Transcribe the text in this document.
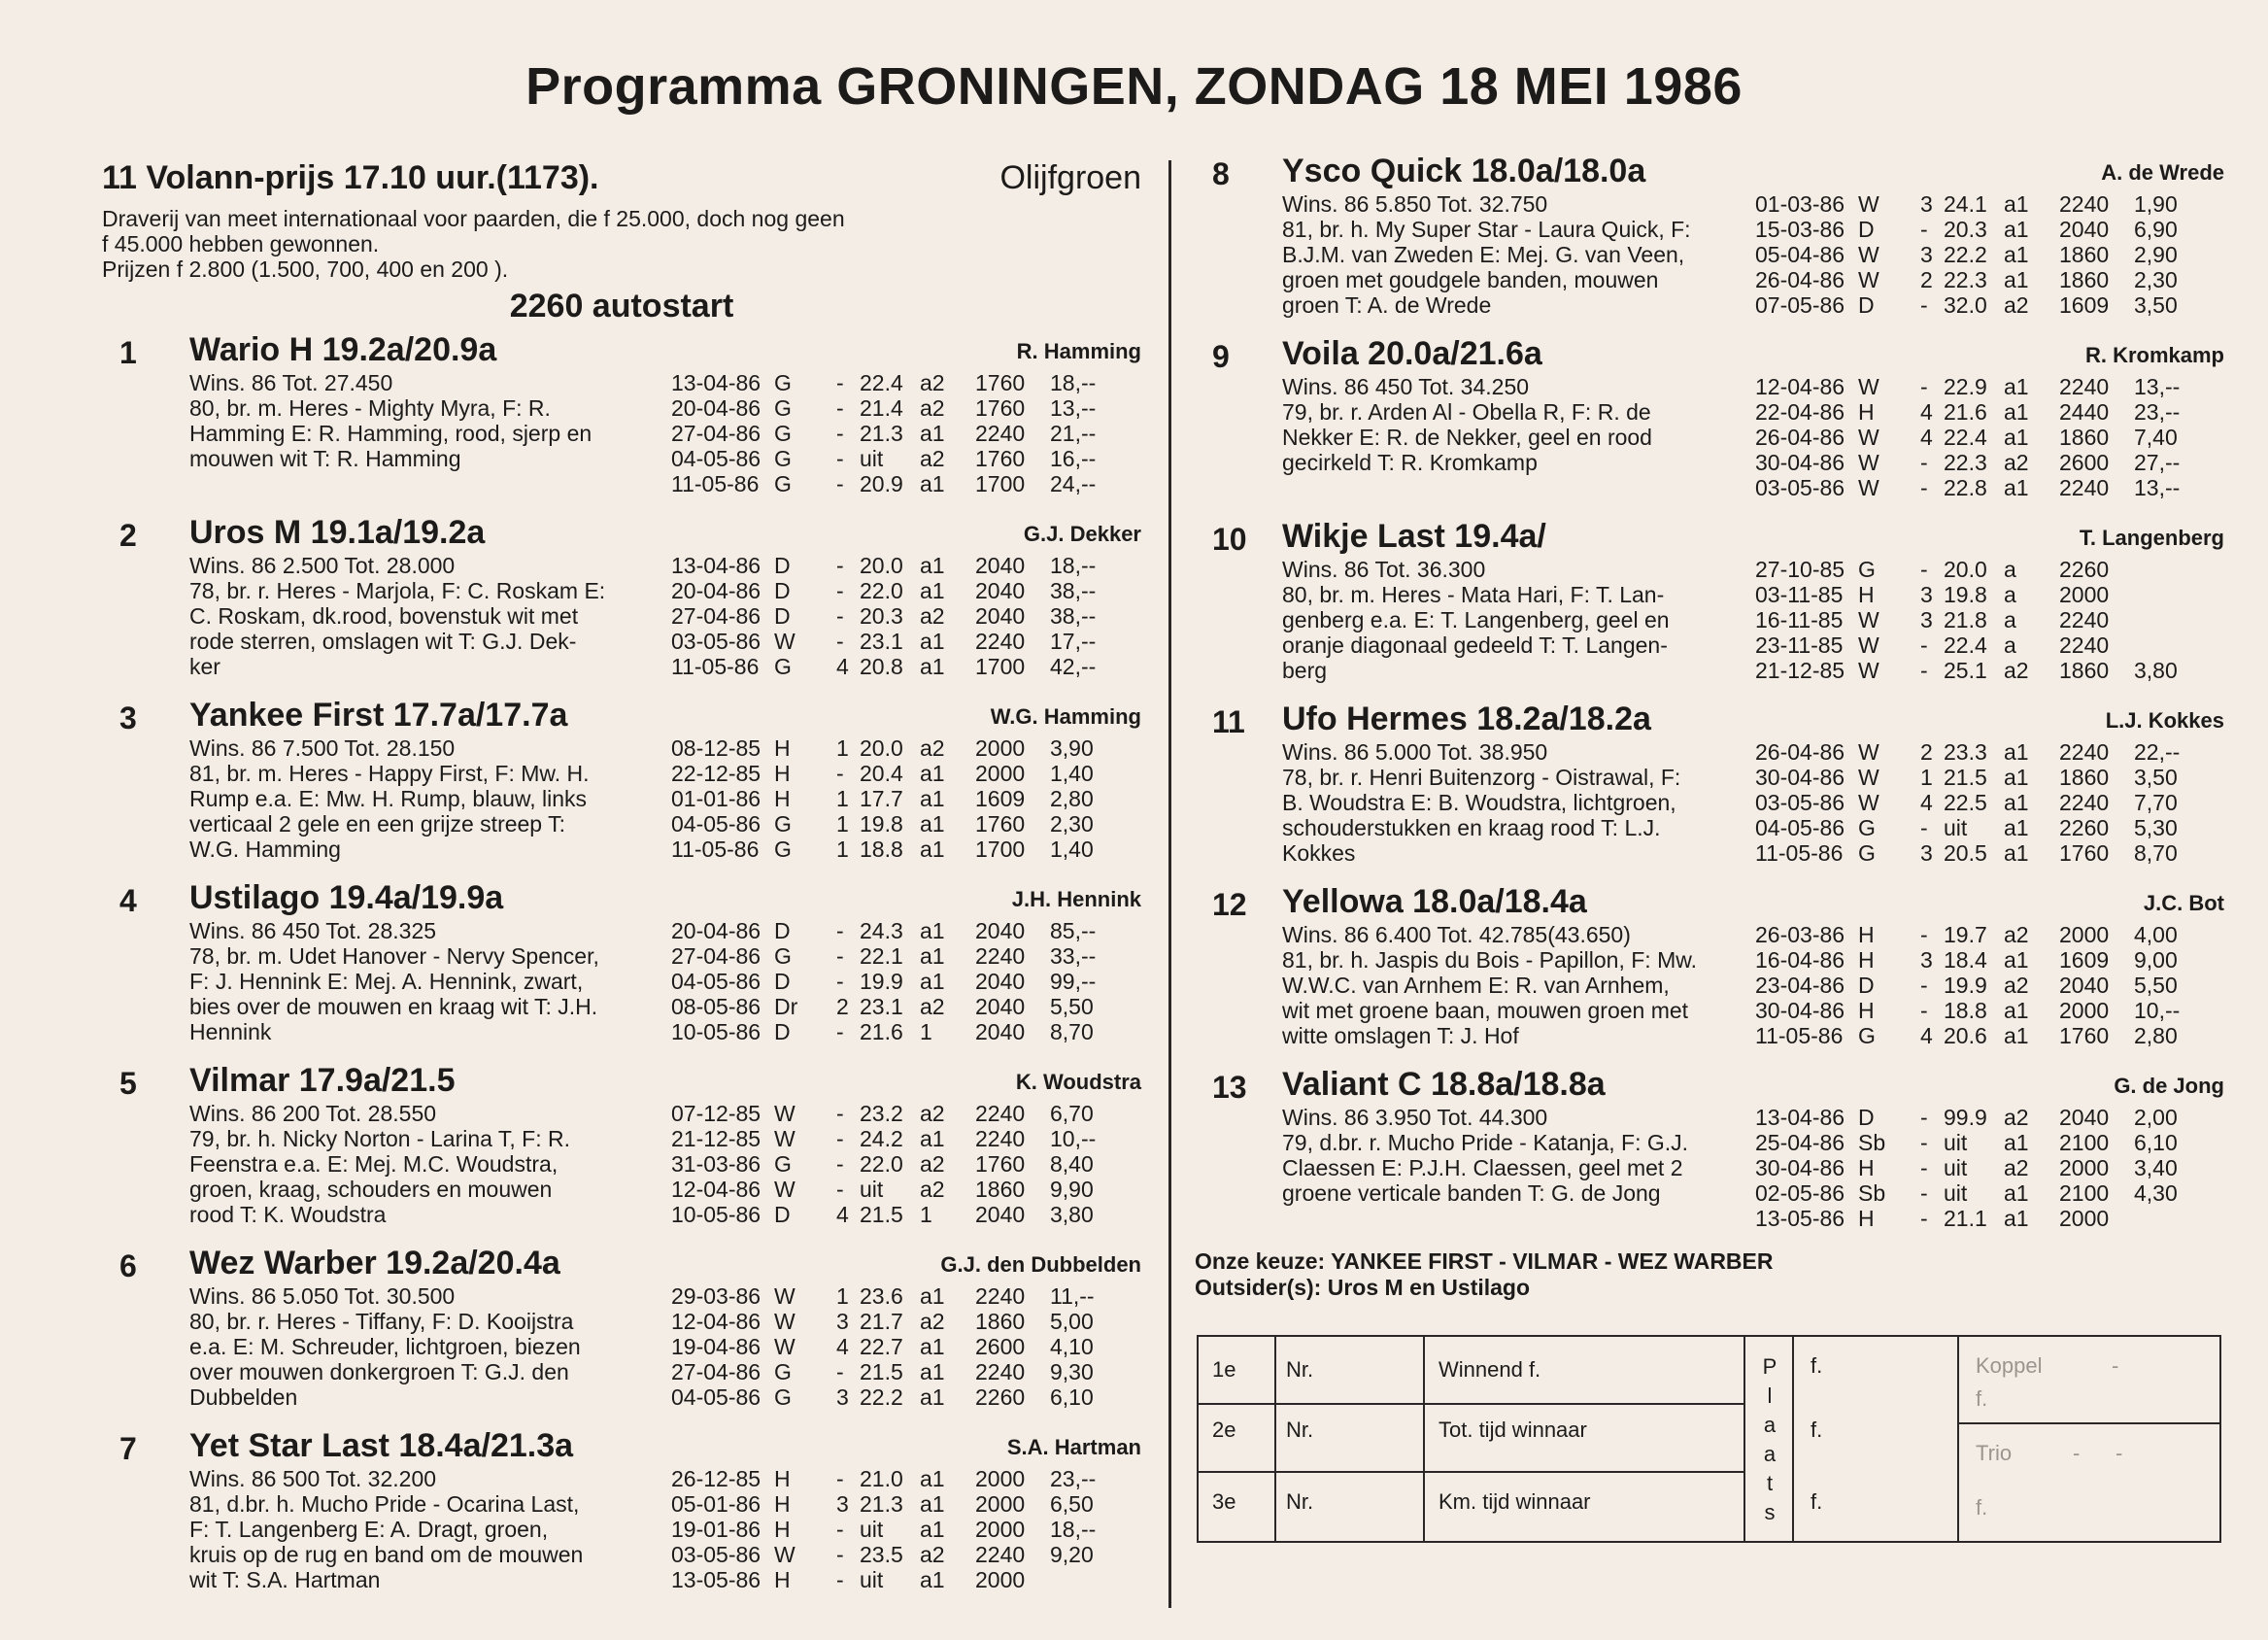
Programma GRONINGEN, ZONDAG 18 MEI 1986
11 Volann-prijs 17.10 uur.(1173).	Olijfgroen
Draverij van meet internationaal voor paarden, die f 25.000, doch nog geen
f 45.000 hebben gewonnen.
Prijzen f 2.800 (1.500, 700, 400 en 200 ).
2260 autostart
1 Wario H 19.2a/20.9a	R. Hamming

Wins. 86 Tot. 27.450

80, br. m. Heres - Mighty Myra, F: R.

Hamming E: R. Hamming, rood, sjerp en

mouwen wit T: R. Hamming

13-04-86 G - 22.4 a2 1760 18,--
20-04-86 G - 21.4 a2 1760 13,--
27-04-86 G - 21.3 a1 2240 21,--
04-05-86 G - uit a2 1760 16,--
11-05-86 G - 20.9 a1 1700 24,--
2 Uros M 19.1a/19.2a	G.J. Dekker

Wins. 86 2.500 Tot. 28.000

78, br. r. Heres - Marjola, F: C. Roskam E:

C. Roskam, dk.rood, bovenstuk wit met

rode sterren, omslagen wit T: G.J. Dek-

ker

13-04-86 D - 20.0 a1 2040 18,--
20-04-86 D - 22.0 a1 2040 38,--
27-04-86 D - 20.3 a2 2040 38,--
03-05-86 W - 23.1 a1 2240 17,--
11-05-86 G 4 20.8 a1 1700 42,--
3 Yankee First 17.7a/17.7a	W.G. Hamming

Wins. 86 7.500 Tot. 28.150

81, br. m. Heres - Happy First, F: Mw. H.

Rump e.a. E: Mw. H. Rump, blauw, links

verticaal 2 gele en een grijze streep T:

W.G. Hamming

08-12-85 H 1 20.0 a2 2000 3,90
22-12-85 H - 20.4 a1 2000 1,40
01-01-86 H 1 17.7 a1 1609 2,80
04-05-86 G 1 19.8 a1 1760 2,30
11-05-86 G 1 18.8 a1 1700 1,40
4 Ustilago 19.4a/19.9a	J.H. Hennink

Wins. 86 450 Tot. 28.325

78, br. m. Udet Hanover - Nervy Spencer,

F: J. Hennink E: Mej. A. Hennink, zwart,

bies over de mouwen en kraag wit T: J.H.

Hennink

20-04-86 D - 24.3 a1 2040 85,--
27-04-86 G - 22.1 a1 2240 33,--
04-05-86 D - 19.9 a1 2040 99,--
08-05-86 Dr 2 23.1 a2 2040 5,50
10-05-86 D - 21.6 1 2040 8,70
5 Vilmar 17.9a/21.5	K. Woudstra

Wins. 86 200 Tot. 28.550

79, br. h. Nicky Norton - Larina T, F: R.

Feenstra e.a. E: Mej. M.C. Woudstra,

groen, kraag, schouders en mouwen

rood T: K. Woudstra

07-12-85 W - 23.2 a2 2240 6,70
21-12-85 W - 24.2 a1 2240 10,--
31-03-86 G - 22.0 a2 1760 8,40
12-04-86 W - uit a2 1860 9,90
10-05-86 D 4 21.5 1 2040 3,80
6 Wez Warber 19.2a/20.4a	G.J. den Dubbelden

Wins. 86 5.050 Tot. 30.500

80, br. r. Heres - Tiffany, F: D. Kooijstra

e.a. E: M. Schreuder, lichtgroen, biezen

over mouwen donkergroen T: G.J. den

Dubbelden

29-03-86 W 1 23.6 a1 2240 11,--
12-04-86 W 3 21.7 a2 1860 5,00
19-04-86 W 4 22.7 a1 2600 4,10
27-04-86 G - 21.5 a1 2240 9,30
04-05-86 G 3 22.2 a1 2260 6,10
7 Yet Star Last 18.4a/21.3a	S.A. Hartman

Wins. 86 500 Tot. 32.200

81, d.br. h. Mucho Pride - Ocarina Last,

F: T. Langenberg E: A. Dragt, groen,

kruis op de rug en band om de mouwen

wit T: S.A. Hartman

26-12-85 H - 21.0 a1 2000 23,--
05-01-86 H 3 21.3 a1 2000 6,50
19-01-86 H - uit a1 2000 18,--
03-05-86 W - 23.5 a2 2240 9,20
13-05-86 H - uit a1 2000
8 Ysco Quick 18.0a/18.0a	A. de Wrede

Wins. 86 5.850 Tot. 32.750

81, br. h. My Super Star - Laura Quick, F:

B.J.M. van Zweden E: Mej. G. van Veen,

groen met goudgele banden, mouwen

groen T: A. de Wrede

01-03-86 W 3 24.1 a1 2240 1,90
15-03-86 D - 20.3 a1 2040 6,90
05-04-86 W 3 22.2 a1 1860 2,90
26-04-86 W 2 22.3 a1 1860 2,30
07-05-86 D - 32.0 a2 1609 3,50
9 Voila 20.0a/21.6a	R. Kromkamp

Wins. 86 450 Tot. 34.250

79, br. r. Arden Al - Obella R, F: R. de

Nekker E: R. de Nekker, geel en rood

gecirkeld T: R. Kromkamp

12-04-86 W - 22.9 a1 2240 13,--
22-04-86 H 4 21.6 a1 2440 23,--
26-04-86 W 4 22.4 a1 1860 7,40
30-04-86 W - 22.3 a2 2600 27,--
03-05-86 W - 22.8 a1 2240 13,--
10 Wikje Last 19.4a/	T. Langenberg

Wins. 86 Tot. 36.300

80, br. m. Heres - Mata Hari, F: T. Lan-

genberg e.a. E: T. Langenberg, geel en

oranje diagonaal gedeeld T: T. Langen-

berg

27-10-85 G - 20.0 a 2260
03-11-85 H 3 19.8 a 2000
16-11-85 W 3 21.8 a 2240
23-11-85 W - 22.4 a 2240
21-12-85 W - 25.1 a2 1860 3,80
11 Ufo Hermes 18.2a/18.2a	L.J. Kokkes

Wins. 86 5.000 Tot. 38.950

78, br. r. Henri Buitenzorg - Oistrawal, F:

B. Woudstra E: B. Woudstra, lichtgroen,

schouderstukken en kraag rood T: L.J.

Kokkes

26-04-86 W 2 23.3 a1 2240 22,--
30-04-86 W 1 21.5 a1 1860 3,50
03-05-86 W 4 22.5 a1 2240 7,70
04-05-86 G - uit a1 2260 5,30
11-05-86 G 3 20.5 a1 1760 8,70
12 Yellowa 18.0a/18.4a	J.C. Bot

Wins. 86 6.400 Tot. 42.785(43.650)

81, br. h. Jaspis du Bois - Papillon, F: Mw.

W.W.C. van Arnhem E: R. van Arnhem,

wit met groene baan, mouwen groen met

witte omslagen T: J. Hof

26-03-86 H - 19.7 a2 2000 4,00
16-04-86 H 3 18.4 a1 1609 9,00
23-04-86 D - 19.9 a2 2040 5,50
30-04-86 H - 18.8 a1 2000 10,--
11-05-86 G 4 20.6 a1 1760 2,80
13 Valiant C 18.8a/18.8a	G. de Jong

Wins. 86 3.950 Tot. 44.300

79, d.br. r. Mucho Pride - Katanja, F: G.J.

Claessen E: P.J.H. Claessen, geel met 2

groene verticale banden T: G. de Jong

13-04-86 D - 99.9 a2 2040 2,00
25-04-86 Sb - uit a1 2100 6,10
30-04-86 H - uit a2 2000 3,40
02-05-86 Sb - uit a1 2100 4,30
13-05-86 H - 21.1 a1 2000

Onze keuze: YANKEE FIRST - VILMAR - WEZ WARBER

Outsider(s): Uros M en Ustilago

1e Nr.	Winnend f.
2e Nr.	Tot. tijd winnaar
3e Nr.	Km. tijd winnaar
P
l
a
a
t
s
f.
f.
f.
Koppel	-
f.
Trio	-      -
f.
